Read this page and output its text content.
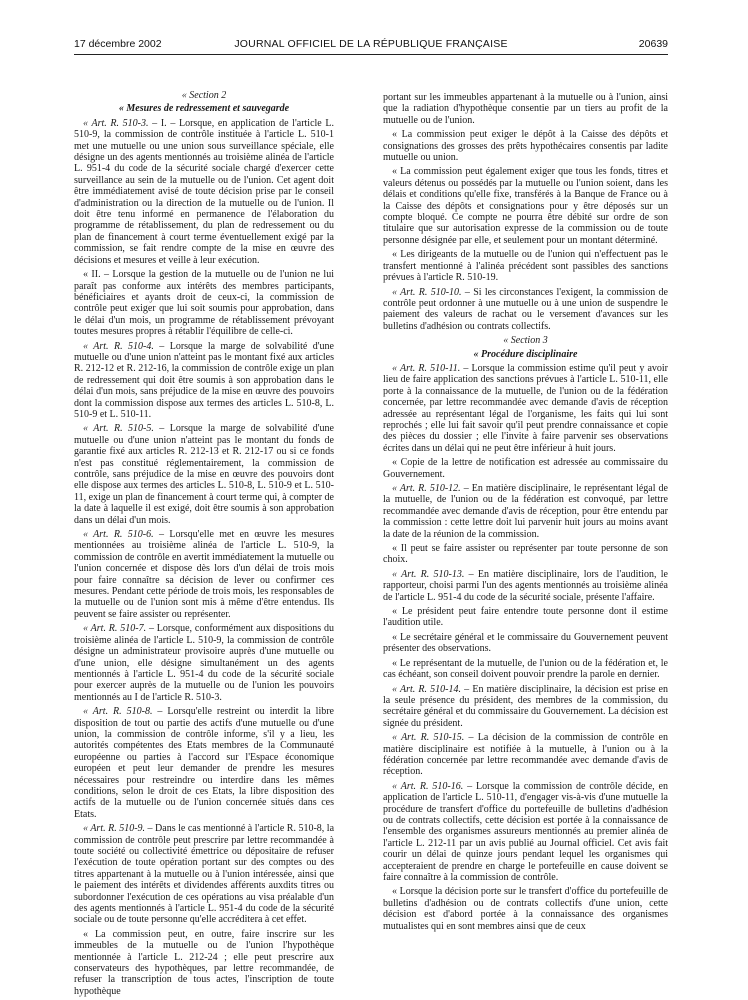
17 décembre 2002	JOURNAL OFFICIEL DE LA RÉPUBLIQUE FRANÇAISE	20639

« Section 2

« Mesures de redressement et sauvegarde

« Art. R. 510-3. – I. – Lorsque, en application de l'article L. 510-9, la commission de contrôle instituée à l'article L. 510-1 met une mutuelle ou une union sous surveillance spéciale, elle désigne un des agents mentionnés au troisième alinéa de l'article L. 951-4 du code de la sécurité sociale chargé d'exercer cette surveillance au sein de la mutuelle ou de l'union. Cet agent doit être immédiatement avisé de toute décision prise par le conseil d'administration ou la direction de la mutuelle ou de l'union. Il doit être tenu informé en permanence de l'élaboration du programme de rétablissement, du plan de redressement ou du plan de financement à court terme éventuellement exigé par la commission, se fait rendre compte de la mise en œuvre des décisions et mesures et veille à leur exécution.

« II. – Lorsque la gestion de la mutuelle ou de l'union ne lui paraît pas conforme aux intérêts des membres participants, bénéficiaires et ayants droit de ceux-ci, la commission de contrôle peut exiger que lui soit soumis pour approbation, dans le délai d'un mois, un programme de rétablissement prévoyant toutes mesures propres à rétablir l'équilibre de celle-ci.

« Art. R. 510-4. – Lorsque la marge de solvabilité d'une mutuelle ou d'une union n'atteint pas le montant fixé aux articles R. 212-12 et R. 212-16, la commission de contrôle exige un plan de redressement qui doit être soumis à son approbation dans le délai d'un mois, sans préjudice de la mise en œuvre des pouvoirs dont la commission dispose aux termes des articles L. 510-8, L. 510-9 et L. 510-11.

« Art. R. 510-5. – Lorsque la marge de solvabilité d'une mutuelle ou d'une union n'atteint pas le montant du fonds de garantie fixé aux articles R. 212-13 et R. 212-17 ou si ce fonds n'est pas constitué réglementairement, la commission de contrôle, sans préjudice de la mise en œuvre des pouvoirs dont elle dispose aux termes des articles L. 510-8, L. 510-9 et L. 510-11, exige un plan de financement à court terme qui, à compter de la date à laquelle il est exigé, doit être soumis à son approbation dans un délai d'un mois.

« Art. R. 510-6. – Lorsqu'elle met en œuvre les mesures mentionnées au troisième alinéa de l'article L. 510-9, la commission de contrôle en avertit immédiatement la mutuelle ou l'union concernée et dispose dès lors d'un délai de trois mois pour faire connaître sa décision de lever ou confirmer ces mesures. Pendant cette période de trois mois, les responsables de la mutuelle ou de l'union sont mis à même d'être entendus. Ils peuvent se faire assister ou représenter.

« Art. R. 510-7. – Lorsque, conformément aux dispositions du troisième alinéa de l'article L. 510-9, la commission de contrôle désigne un administrateur provisoire auprès d'une mutuelle ou d'une union, elle désigne simultanément un des agents mentionnés à l'article L. 951-4 du code de la sécurité sociale pour exercer auprès de la mutuelle ou de l'union les pouvoirs mentionnés au I de l'article R. 510-3.

« Art. R. 510-8. – Lorsqu'elle restreint ou interdit la libre disposition de tout ou partie des actifs d'une mutuelle ou d'une union, la commission de contrôle informe, s'il y a lieu, les autorités compétentes des Etats membres de la Communauté européenne ou parties à l'accord sur l'Espace économique européen et peut leur demander de prendre les mesures nécessaires pour restreindre ou interdire dans les mêmes conditions, selon le droit de ces Etats, la libre disposition des actifs de la mutuelle ou de l'union concernée situés dans ces Etats.

« Art. R. 510-9. – Dans le cas mentionné à l'article R. 510-8, la commission de contrôle peut prescrire par lettre recommandée à toute société ou collectivité émettrice ou dépositaire de refuser l'exécution de toute opération portant sur des comptes ou des titres appartenant à la mutuelle ou à l'union intéressée, ainsi que le paiement des intérêts et dividendes afférents auxdits titres ou subordonner l'exécution de ces opérations au visa préalable d'un des agents mentionnés à l'article L. 951-4 du code de la sécurité sociale ou de toute personne qu'elle accréditera à cet effet.

« La commission peut, en outre, faire inscrire sur les immeubles de la mutuelle ou de l'union l'hypothèque mentionnée à l'article L. 212-24 ; elle peut prescrire aux conservateurs des hypothèques, par lettre recommandée, de refuser la transcription de tous actes, l'inscription de toute hypothèque

portant sur les immeubles appartenant à la mutuelle ou à l'union, ainsi que la radiation d'hypothèque consentie par un tiers au profit de la mutuelle ou de l'union.

« La commission peut exiger le dépôt à la Caisse des dépôts et consignations des grosses des prêts hypothécaires consentis par ladite mutuelle ou union.

« La commission peut également exiger que tous les fonds, titres et valeurs détenus ou possédés par la mutuelle ou l'union soient, dans les délais et conditions qu'elle fixe, transférés à la Banque de France ou à la Caisse des dépôts et consignations pour y être déposés sur un compte bloqué. Ce compte ne pourra être débité sur ordre de son titulaire que sur autorisation expresse de la commission ou de toute personne désignée par elle, et seulement pour un montant déterminé.

« Les dirigeants de la mutuelle ou de l'union qui n'effectuent pas le transfert mentionné à l'alinéa précédent sont passibles des sanctions prévues à l'article R. 510-19.

« Art. R. 510-10. – Si les circonstances l'exigent, la commission de contrôle peut ordonner à une mutuelle ou à une union de suspendre le paiement des valeurs de rachat ou le versement d'avances sur les bulletins d'adhésion ou contrats collectifs.

« Section 3

« Procédure disciplinaire

« Art. R. 510-11. – Lorsque la commission estime qu'il peut y avoir lieu de faire application des sanctions prévues à l'article L. 510-11, elle porte à la connaissance de la mutuelle, de l'union ou de la fédération concernée, par lettre recommandée avec demande d'avis de réception adressée au représentant légal de l'organisme, les faits qui lui sont reprochés ; elle lui fait savoir qu'il peut prendre connaissance et copie des pièces du dossier ; elle l'invite à faire parvenir ses observations écrites dans un délai qui ne peut être inférieur à huit jours.

« Copie de la lettre de notification est adressée au commissaire du Gouvernement.

« Art. R. 510-12. – En matière disciplinaire, le représentant légal de la mutuelle, de l'union ou de la fédération est convoqué, par lettre recommandée avec demande d'avis de réception, pour être entendu par la commission : cette lettre doit lui parvenir huit jours au moins avant la date de la réunion de la commission.

« Il peut se faire assister ou représenter par toute personne de son choix.

« Art. R. 510-13. – En matière disciplinaire, lors de l'audition, le rapporteur, choisi parmi l'un des agents mentionnés au troisième alinéa de l'article L. 951-4 du code de la sécurité sociale, présente l'affaire.

« Le président peut faire entendre toute personne dont il estime l'audition utile.

« Le secrétaire général et le commissaire du Gouvernement peuvent présenter des observations.

« Le représentant de la mutuelle, de l'union ou de la fédération et, le cas échéant, son conseil doivent pouvoir prendre la parole en dernier.

« Art. R. 510-14. – En matière disciplinaire, la décision est prise en la seule présence du président, des membres de la commission, du secrétaire général et du commissaire du Gouvernement. La décision est signée du président.

« Art. R. 510-15. – La décision de la commission de contrôle en matière disciplinaire est notifiée à la mutuelle, à l'union ou à la fédération concernée par lettre recommandée avec demande d'avis de réception.

« Art. R. 510-16. – Lorsque la commission de contrôle décide, en application de l'article L. 510-11, d'engager vis-à-vis d'une mutuelle la procédure de transfert d'office du portefeuille de bulletins d'adhésion ou de contrats collectifs, cette décision est portée à la connaissance de l'ensemble des organismes assureurs mentionnés au premier alinéa de l'article L. 212-11 par un avis publié au Journal officiel. Cet avis fait courir un délai de quinze jours pendant lequel les organismes qui accepteraient de prendre en charge le portefeuille en cause doivent se faire connaître à la commission de contrôle.

« Lorsque la décision porte sur le transfert d'office du portefeuille de bulletins d'adhésion ou de contrats collectifs d'une union, cette décision est d'abord portée à la connaissance des organismes mutualistes qui en sont membres ainsi que de ceux
